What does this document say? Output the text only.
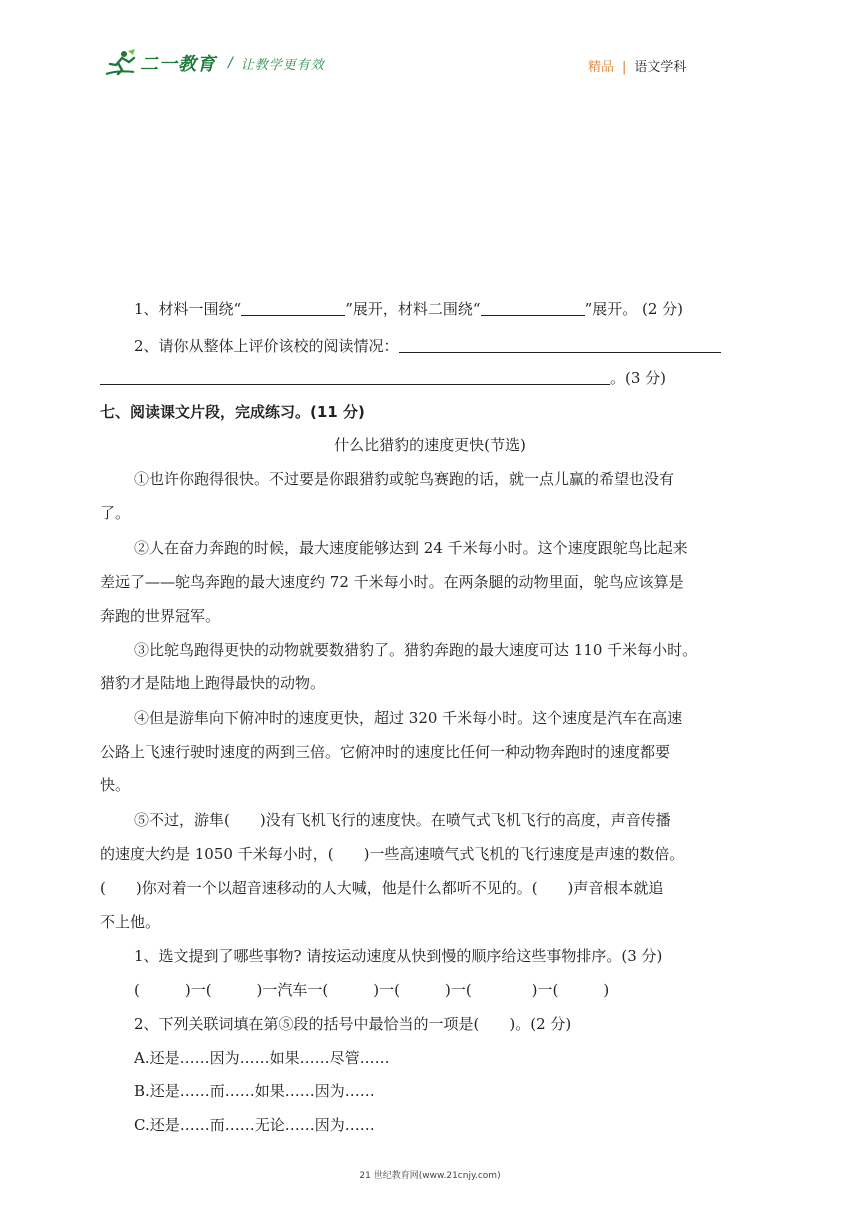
二一教育 / 让教学更有效	精品 | 语文学科
1、材料一围绕“	”展开，材料二围绕“	”展开。 (2 分)
2、请你从整体上评价该校的阅读情况：
。(3 分)
七、阅读课文片段，完成练习。(11 分)
什么比猎豹的速度更快(节选)
①也许你跑得很快。不过要是你跟猎豹或鸵鸟赛跑的话，就一点儿赢的希望也没有
了。
②人在奋力奔跑的时候，最大速度能够达到 24 千米每小时。这个速度跟鸵鸟比起来
差远了——鸵鸟奔跑的最大速度约 72 千米每小时。在两条腿的动物里面，鸵鸟应该算是
奔跑的世界冠军。
③比鸵鸟跑得更快的动物就要数猎豹了。猎豹奔跑的最大速度可达 110 千米每小时。
猎豹才是陆地上跑得最快的动物。
④但是游隼向下俯冲时的速度更快，超过 320 千米每小时。这个速度是汽车在高速
公路上飞速行驶时速度的两到三倍。它俯冲时的速度比任何一种动物奔跑时的速度都要
快。
⑤不过，游隼(　　)没有飞机飞行的速度快。在喷气式飞机飞行的高度，声音传播
的速度大约是 1050 千米每小时，(　　)一些高速喷气式飞机的飞行速度是声速的数倍。
(　　)你对着一个以超音速移动的人大喊，他是什么都听不见的。(　　)声音根本就追
不上他。
1、选文提到了哪些事物? 请按运动速度从快到慢的顺序给这些事物排序。(3 分)
(　　　)一(　　　)一汽车一(　　　)一(　　　)一(　　　　)一(　　　)
2、下列关联词填在第⑤段的括号中最恰当的一项是(　　)。(2 分)
A.还是……因为……如果……尽管……
B.还是……而……如果……因为……
C.还是……而……无论……因为……
21 世纪教育网(www.21cnjy.com)
